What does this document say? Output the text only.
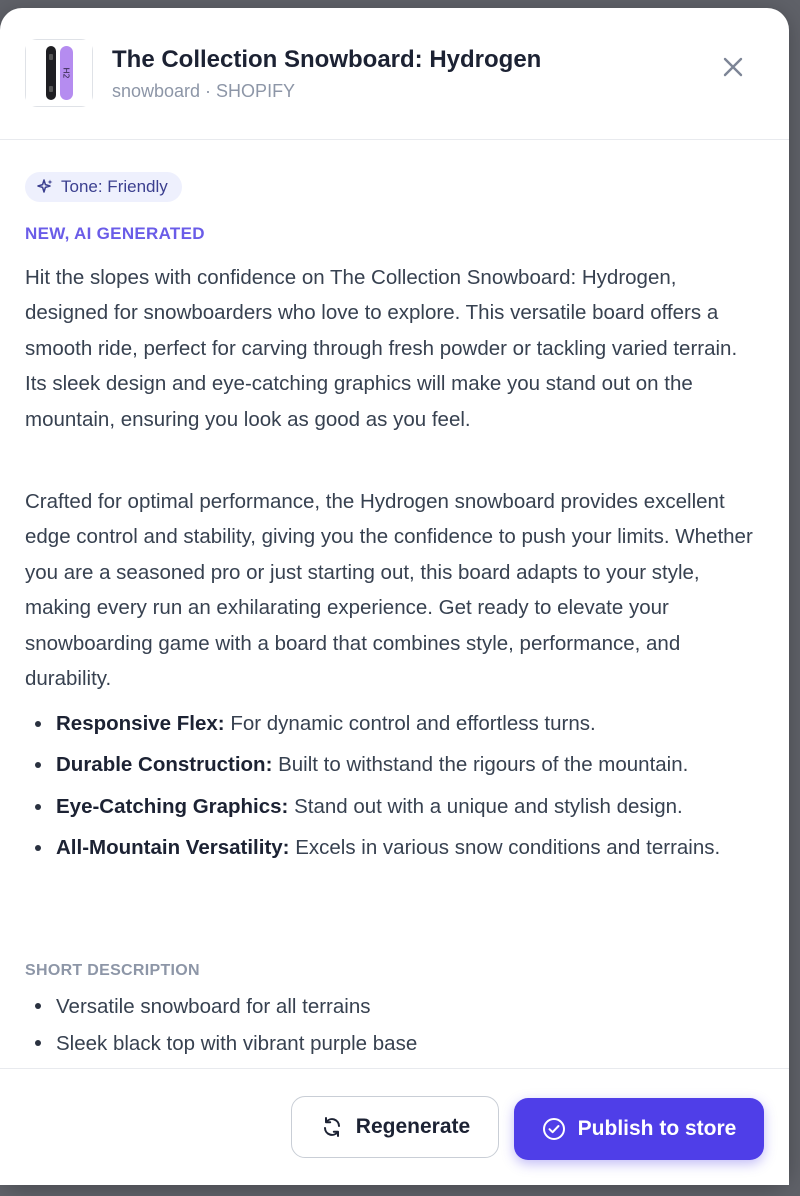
H2 The Collection Snowboard: Hydrogen
snowboard · SHOPIFY
Tone: Friendly
NEW, AI GENERATED

Hit the slopes with confidence on The Collection Snowboard: Hydrogen, designed for snowboarders who love to explore. This versatile board offers a smooth ride, perfect for carving through fresh powder or tackling varied terrain. Its sleek design and eye-catching graphics will make you stand out on the mountain, ensuring you look as good as you feel.

Crafted for optimal performance, the Hydrogen snowboard provides excellent edge control and stability, giving you the confidence to push your limits. Whether you are a seasoned pro or just starting out, this board adapts to your style, making every run an exhilarating experience. Get ready to elevate your snowboarding game with a board that combines style, performance, and durability.

Responsive Flex: For dynamic control and effortless turns.
Durable Construction: Built to withstand the rigours of the mountain.
Eye-Catching Graphics: Stand out with a unique and stylish design.
All-Mountain Versatility: Excels in various snow conditions and terrains.
SHORT DESCRIPTION
Versatile snowboard for all terrains
Sleek black top with vibrant purple base
Regenerate	Publish to store
